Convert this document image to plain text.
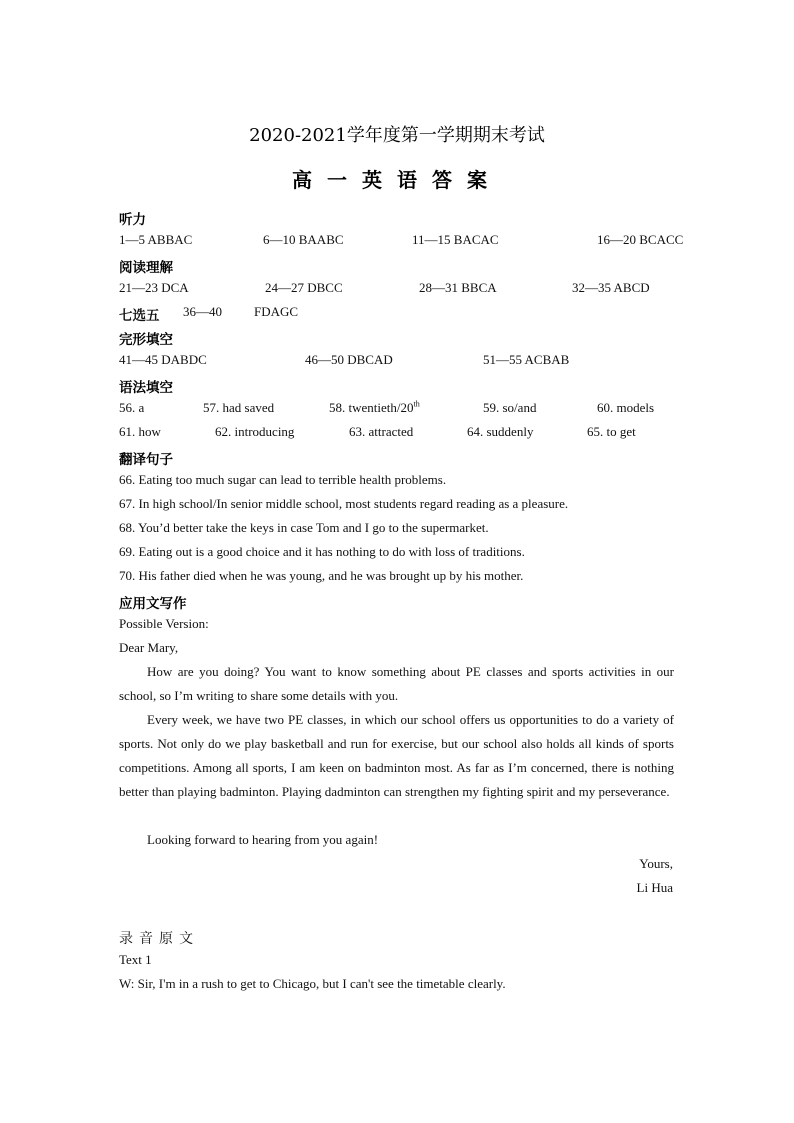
2020-2021学年度第一学期期末考试
高一英语答案
听力
1—5 ABBAC	6—10 BAABC	11—15 BACAC	16—20 BCACC
阅读理解
21—23 DCA	24—27 DBCC	28—31 BBCA	32—35 ABCD
七选五 36—40 FDAGC
完形填空
41—45 DABDC	46—50 DBCAD	51—55 ACBAB
语法填空
56. a	57. had saved	58. twentieth/20th	59. so/and	60. models
61. how	62. introducing	63. attracted	64. suddenly	65. to get
翻译句子
66. Eating too much sugar can lead to terrible health problems.
67. In high school/In senior middle school, most students regard reading as a pleasure.
68. You’d better take the keys in case Tom and I go to the supermarket.
69. Eating out is a good choice and it has nothing to do with loss of traditions.
70. His father died when he was young, and he was brought up by his mother.
应用文写作
Possible Version:
Dear Mary,
How are you doing? You want to know something about PE classes and sports activities in our school, so I’m writing to share some details with you.
Every week, we have two PE classes, in which our school offers us opportunities to do a variety of sports. Not only do we play basketball and run for exercise, but our school also holds all kinds of sports competitions. Among all sports, I am keen on badminton most. As far as I’m concerned, there is nothing better than playing badminton. Playing dadminton can strengthen my fighting spirit and my perseverance.
Looking forward to hearing from you again!
Yours,
Li Hua
录音原文
Text 1
W: Sir, I'm in a rush to get to Chicago, but I can't see the timetable clearly.
